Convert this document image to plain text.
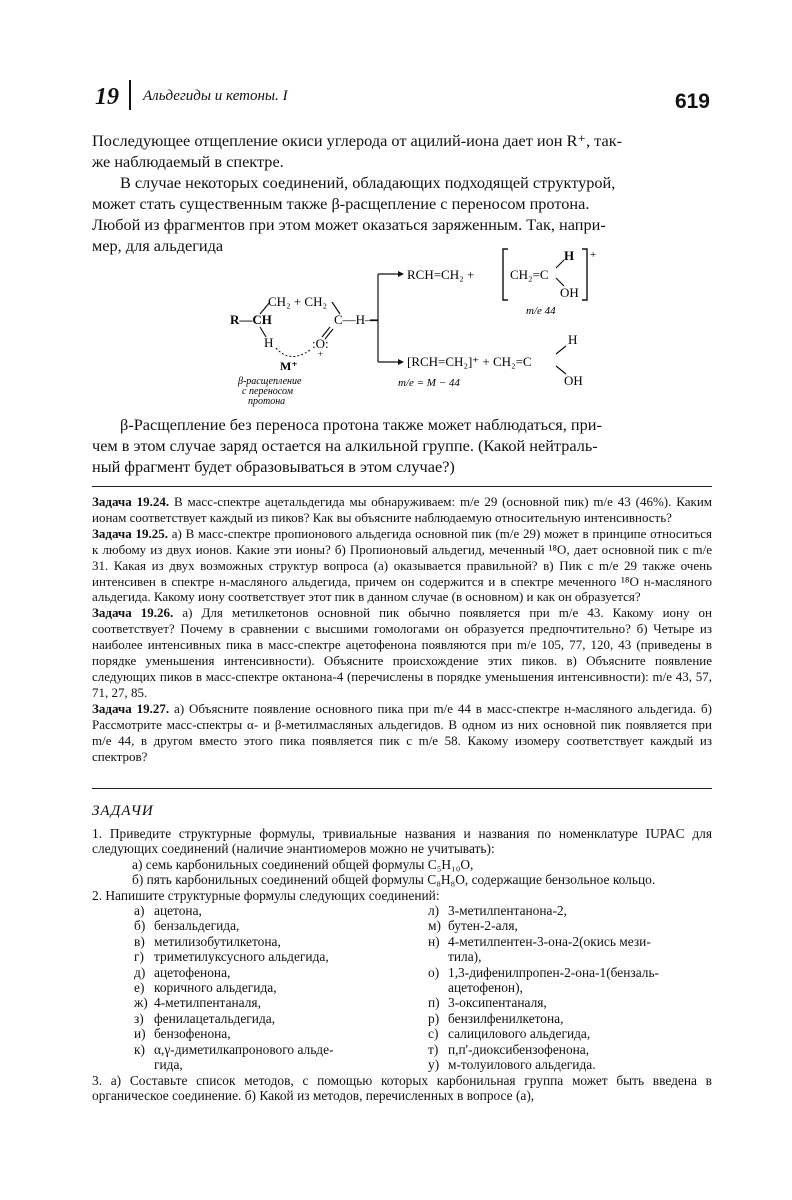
19 Альдегиды и кетоны. I	619

Последующее отщепление окиси углерода от ацилий-иона дает ион R⁺, так-

же наблюдаемый в спектре.

В случае некоторых соединений, обладающих подходящей структурой,

может стать существенным также β-расщепление с переносом протона.

Любой из фрагментов при этом может оказаться заряженным. Так, напри-

мер, для альдегида

CH₂ + CH₂
R—CH	C—H—
H	:O:
+
M⁺
β-расщепление
с переносом
протона
RCH=CH₂ +	CH₂=C
H
OH
+
m/e 44
[RCH=CH₂]⁺ + CH₂=C
H
OH
m/e = M − 44

β-Расщепление без переноса протона также может наблюдаться, при-

чем в этом случае заряд остается на алкильной группе. (Какой нейтраль-

ный фрагмент будет образовываться в этом случае?)

Задача 19.24. В масс-спектре ацетальдегида мы обнаруживаем: m/e 29 (основной пик) m/e 43 (46%). Каким ионам соответствует каждый из пиков? Как вы объясните наблюдаемую относительную интенсивность?

Задача 19.25. а) В масс-спектре пропионового альдегида основной пик (m/e 29) может в принципе относиться к любому из двух ионов. Какие эти ионы? б) Пропионовый альдегид, меченный ¹⁸O, дает основной пик с m/e 31. Какая из двух возможных структур вопроса (а) оказывается правильной? в) Пик с m/e 29 также очень интенсивен в спектре н-масляного альдегида, причем он содержится и в спектре меченного ¹⁸O н-масляного альдегида. Какому иону соответствует этот пик в данном случае (в основном) и как он образуется?

Задача 19.26. а) Для метилкетонов основной пик обычно появляется при m/e 43. Какому иону он соответствует? Почему в сравнении с высшими гомологами он образуется предпочтительно? б) Четыре из наиболее интенсивных пика в масс-спектре ацетофенона появляются при m/e 105, 77, 120, 43 (приведены в порядке уменьшения интенсивности). Объясните происхождение этих пиков. в) Объясните появление следующих пиков в масс-спектре октанона-4 (перечислены в порядке уменьшения интенсивности): m/e 43, 57, 71, 27, 85.

Задача 19.27. а) Объясните появление основного пика при m/e 44 в масс-спектре н-масляного альдегида. б) Рассмотрите масс-спектры α- и β-метилмасляных альдегидов. В одном из них основной пик появляется при m/e 44, в другом вместо этого пика появляется пик с m/e 58. Какому изомеру соответствует каждый из спектров?

ЗАДАЧИ

1. Приведите структурные формулы, тривиальные названия и названия по номенклатуре IUPAC для следующих соединений (наличие энантиомеров можно не учитывать):

а) семь карбонильных соединений общей формулы C₅H₁₀O,

б) пять карбонильных соединений общей формулы C₈H₈O, содержащие бензольное кольцо.

2. Напишите структурные формулы следующих соединений:

а) ацетона,
б) бензальдегида,
в) метилизобутилкетона,
г) триметилуксусного альдегида,
д) ацетофенона,
е) коричного альдегида,
ж) 4-метилпентаналя,
з) фенилацетальдегида,
и) бензофенона,
к) α,γ-диметилкапронового альде-
гида,
л) 3-метилпентанона-2,
м) бутен-2-аля,
н) 4-метилпентен-3-она-2(окись мези-
тила),
о) 1,3-дифенилпропен-2-она-1(бензаль-
ацетофенон),
п) 3-оксипентаналя,
р) бензилфенилкетона,
с) салицилового альдегида,
т) п,п'-диоксибензофенона,
у) м-толуилового альдегида.

3. а) Составьте список методов, с помощью которых карбонильная группа может быть введена в органическое соединение. б) Какой из методов, перечисленных в вопросе (а),
